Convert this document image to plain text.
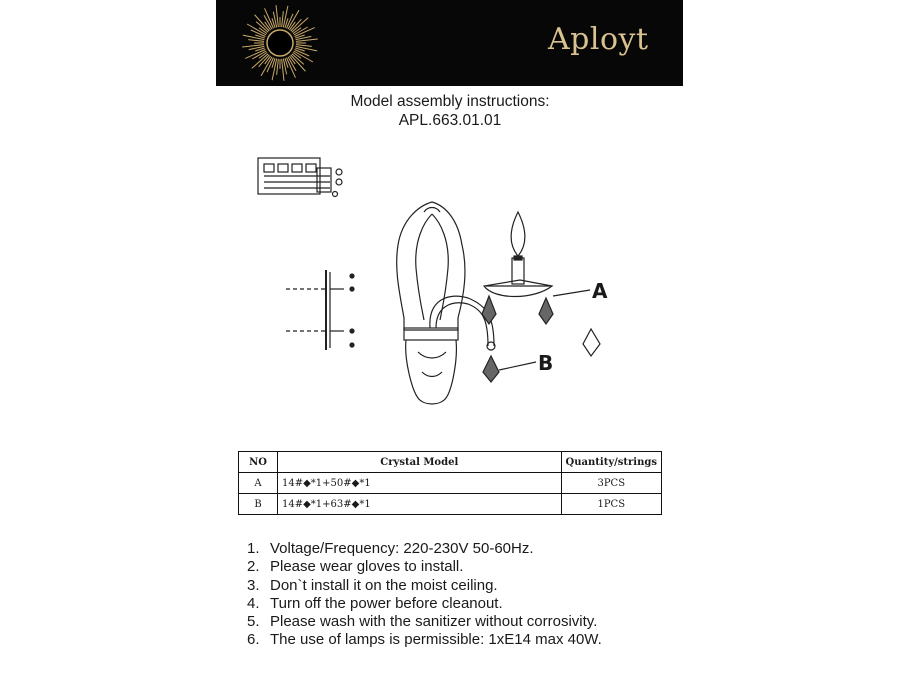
Aployt
Model assembly instructions:
APL.663.01.01
A
B
NO	Crystal Model	Quantity/strings
A	14#◆*1+50#◆*1	3PCS
B	14#◆*1+63#◆*1	1PCS
1. Voltage/Frequency: 220-230V 50-60Hz.
2. Please wear gloves to install.
3. Don`t install it on the moist ceiling.
4. Turn off the power before cleanout.
5. Please wash with the sanitizer without corrosivity.
6. The use of lamps is permissible: 1xE14 max 40W.
